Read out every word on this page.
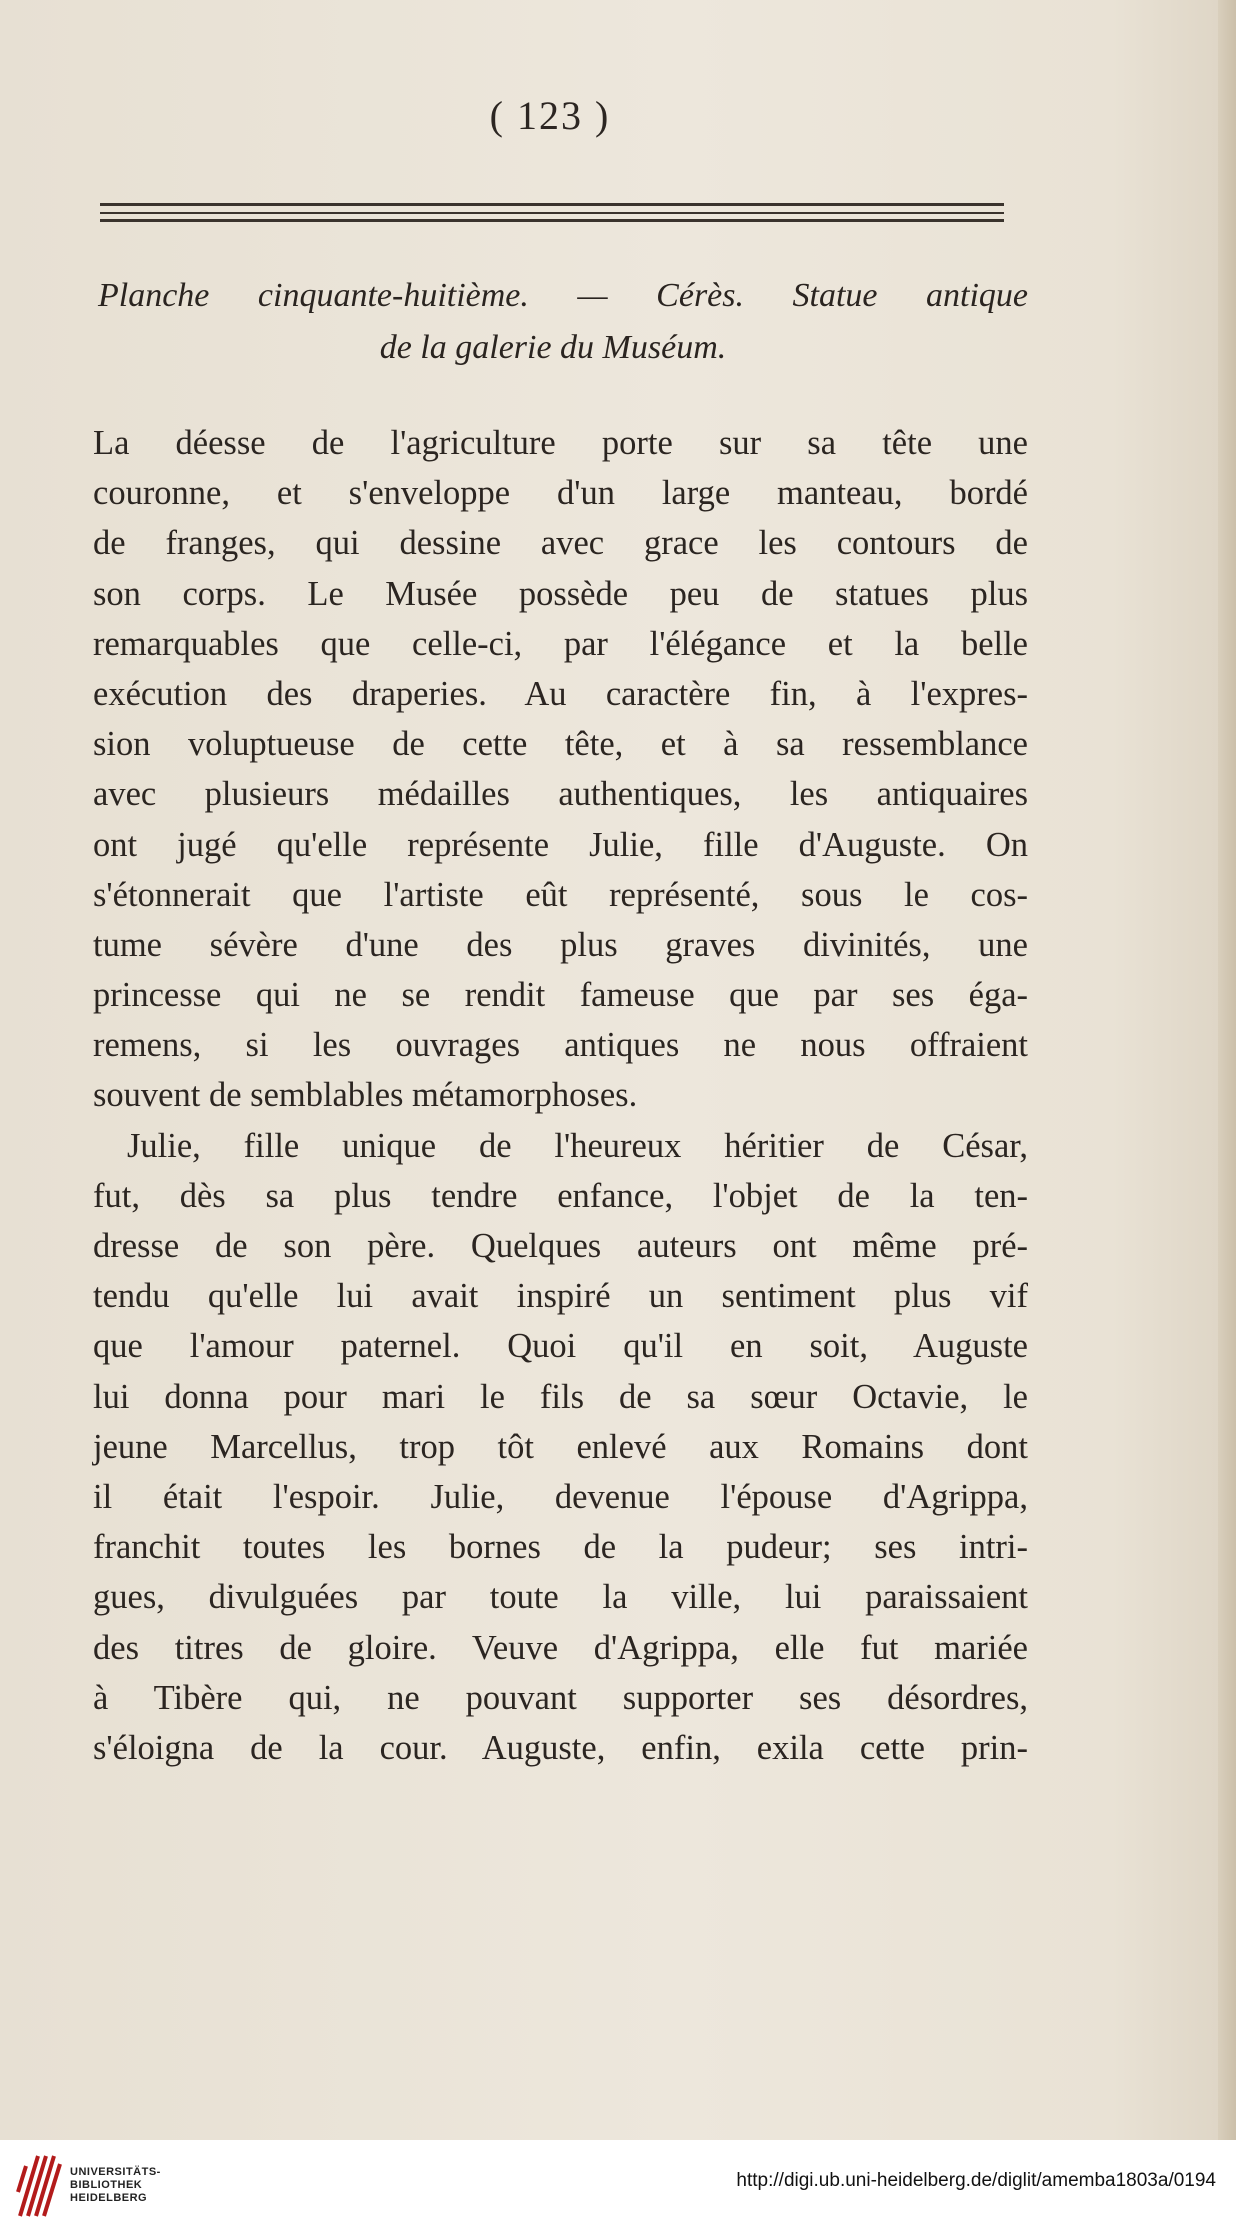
( 123 )
Planche cinquante-huitième. — Cérès. Statue antique
de la galerie du Muséum.
La déesse de l'agriculture porte sur sa tête une
couronne, et s'enveloppe d'un large manteau, bordé
de franges, qui dessine avec grace les contours de
son corps. Le Musée possède peu de statues plus
remarquables que celle-ci, par l'élégance et la belle
exécution des draperies. Au caractère fin, à l'expres-
sion voluptueuse de cette tête, et à sa ressemblance
avec plusieurs médailles authentiques, les antiquaires
ont jugé qu'elle représente Julie, fille d'Auguste. On
s'étonnerait que l'artiste eût représenté, sous le cos-
tume sévère d'une des plus graves divinités, une
princesse qui ne se rendit fameuse que par ses éga-
remens, si les ouvrages antiques ne nous offraient
souvent de semblables métamorphoses.
Julie, fille unique de l'heureux héritier de César,
fut, dès sa plus tendre enfance, l'objet de la ten-
dresse de son père. Quelques auteurs ont même pré-
tendu qu'elle lui avait inspiré un sentiment plus vif
que l'amour paternel. Quoi qu'il en soit, Auguste
lui donna pour mari le fils de sa sœur Octavie, le
jeune Marcellus, trop tôt enlevé aux Romains dont
il était l'espoir. Julie, devenue l'épouse d'Agrippa,
franchit toutes les bornes de la pudeur; ses intri-
gues, divulguées par toute la ville, lui paraissaient
des titres de gloire. Veuve d'Agrippa, elle fut mariée
à Tibère qui, ne pouvant supporter ses désordres,
s'éloigna de la cour. Auguste, enfin, exila cette prin-
UNIVERSITÄTS-
BIBLIOTHEK
HEIDELBERG
http://digi.ub.uni-heidelberg.de/diglit/amemba1803a/0194
